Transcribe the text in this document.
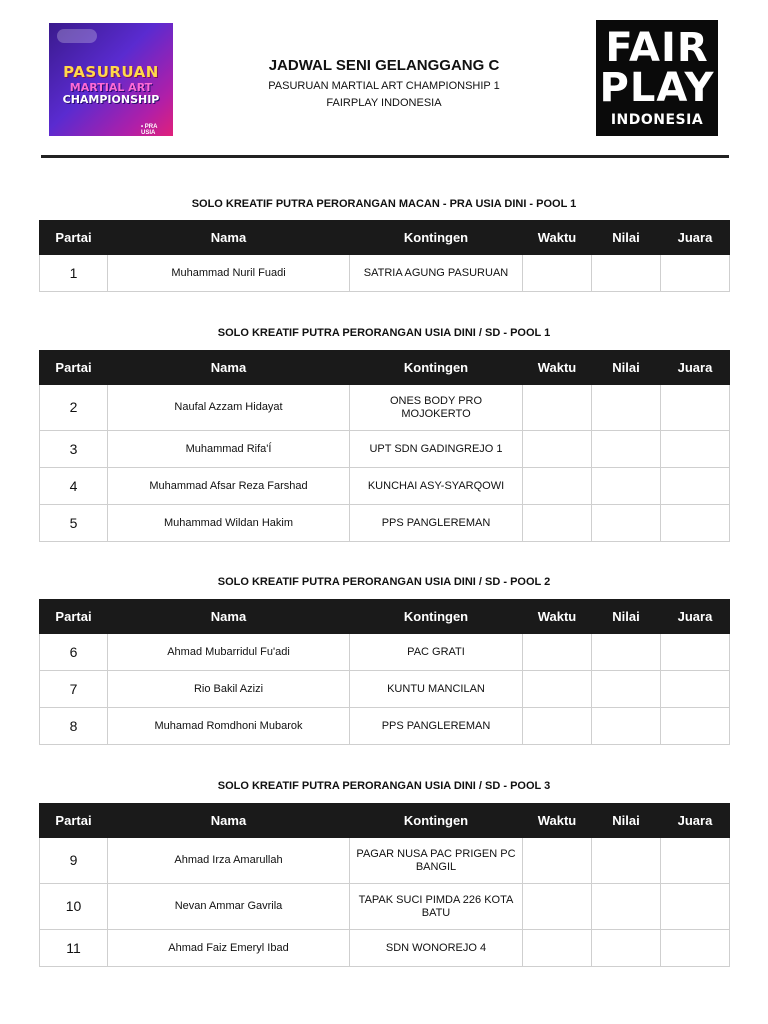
PASURUAN
MARTIAL ART
CHAMPIONSHIP
• PRA USIA
JADWAL SENI GELANGGANG C
PASURUAN MARTIAL ART CHAMPIONSHIP 1
FAIRPLAY INDONESIA
FAIR
PLAY
INDONESIA
SOLO KREATIF PUTRA PERORANGAN MACAN - PRA USIA DINI - POOL 1
Partai	Nama	Kontingen	Waktu	Nilai	Juara
1	Muhammad Nuril Fuadi	SATRIA AGUNG PASURUAN			
SOLO KREATIF PUTRA PERORANGAN USIA DINI / SD - POOL 1
Partai	Nama	Kontingen	Waktu	Nilai	Juara
2	Naufal Azzam Hidayat	ONES BODY PRO MOJOKERTO			
3	Muhammad Rifa'Í	UPT SDN GADINGREJO 1			
4	Muhammad Afsar Reza Farshad	KUNCHAI ASY-SYARQOWI			
5	Muhammad Wildan Hakim	PPS PANGLEREMAN			
SOLO KREATIF PUTRA PERORANGAN USIA DINI / SD - POOL 2
Partai	Nama	Kontingen	Waktu	Nilai	Juara
6	Ahmad Mubarridul Fu'adi	PAC GRATI			
7	Rio Bakil Azizi	KUNTU MANCILAN			
8	Muhamad Romdhoni Mubarok	PPS PANGLEREMAN			
SOLO KREATIF PUTRA PERORANGAN USIA DINI / SD - POOL 3
Partai	Nama	Kontingen	Waktu	Nilai	Juara
9	Ahmad Irza Amarullah	PAGAR NUSA PAC PRIGEN PC BANGIL			
10	Nevan Ammar Gavrila	TAPAK SUCI PIMDA 226 KOTA BATU			
11	Ahmad Faiz Emeryl Ibad	SDN WONOREJO 4			
